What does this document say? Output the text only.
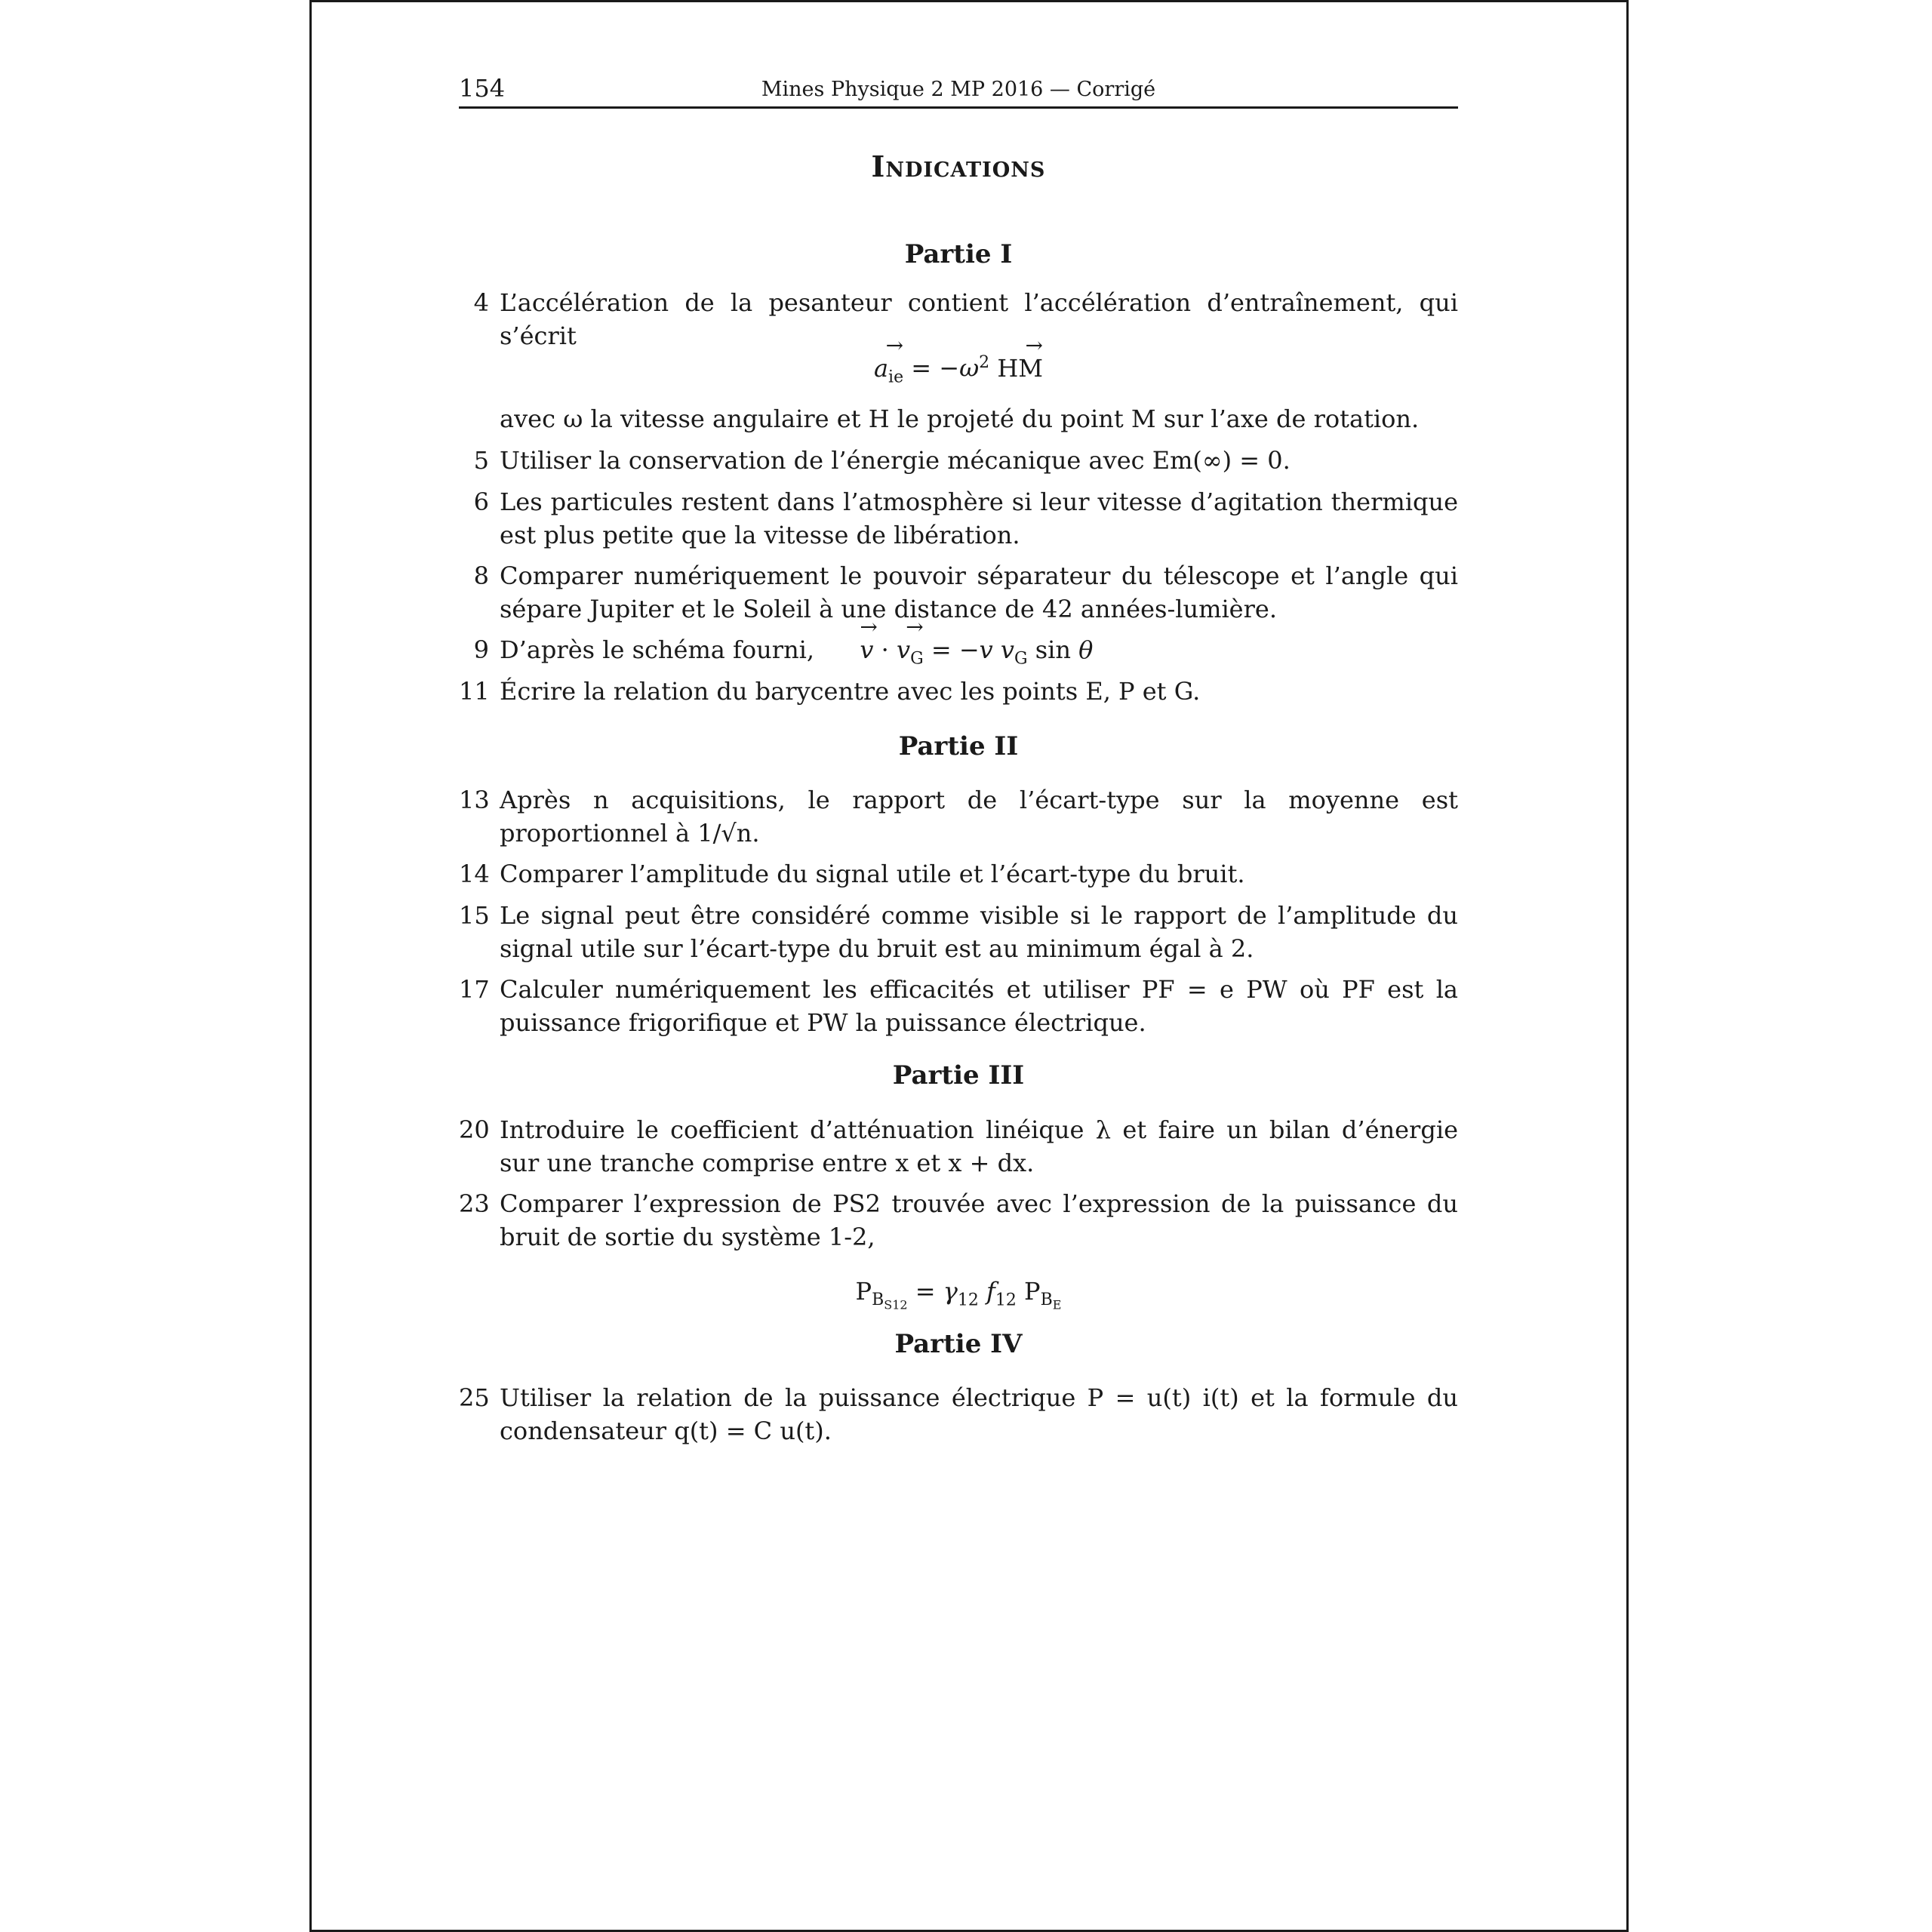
154	Mines Physique 2 MP 2016 — Corrigé
Indications
Partie I
4 L’accélération de la pesanteur contient l’accélération d’entraînement, qui s’écrit
→ $a_{ie} = -\omega^2$ → HM
avec ω la vitesse angulaire et H le projeté du point M sur l’axe de rotation.
5 Utiliser la conservation de l’énergie mécanique avec Em(∞) = 0.
6 Les particules restent dans l’atmosphère si leur vitesse d’agitation thermique est plus petite que la vitesse de libération.
8 Comparer numériquement le pouvoir séparateur du télescope et l’angle qui sépare Jupiter et le Soleil à une distance de 42 années-lumière.
9 D’après le schéma fourni, → v · → $v_G = -v$ $v_G$ sin θ
11 Écrire la relation du barycentre avec les points E, P et G.
Partie II
13 Après n acquisitions, le rapport de l’écart-type sur la moyenne est proportionnel à 1/√n.
14 Comparer l’amplitude du signal utile et l’écart-type du bruit.
15 Le signal peut être considéré comme visible si le rapport de l’amplitude du signal utile sur l’écart-type du bruit est au minimum égal à 2.
17 Calculer numériquement les efficacités et utiliser PF = e PW où PF est la puissance frigorifique et PW la puissance électrique.
Partie III
20 Introduire le coefficient d’atténuation linéique λ et faire un bilan d’énergie sur une tranche comprise entre x et x + dx.
23 Comparer l’expression de PS2 trouvée avec l’expression de la puissance du bruit de sortie du système 1-2,
$P_{B_{S12}} = \gamma_{12}$ $f_{12}$ $P_{B_E}$
Partie IV
25 Utiliser la relation de la puissance électrique P = u(t) i(t) et la formule du condensateur q(t) = C u(t).
